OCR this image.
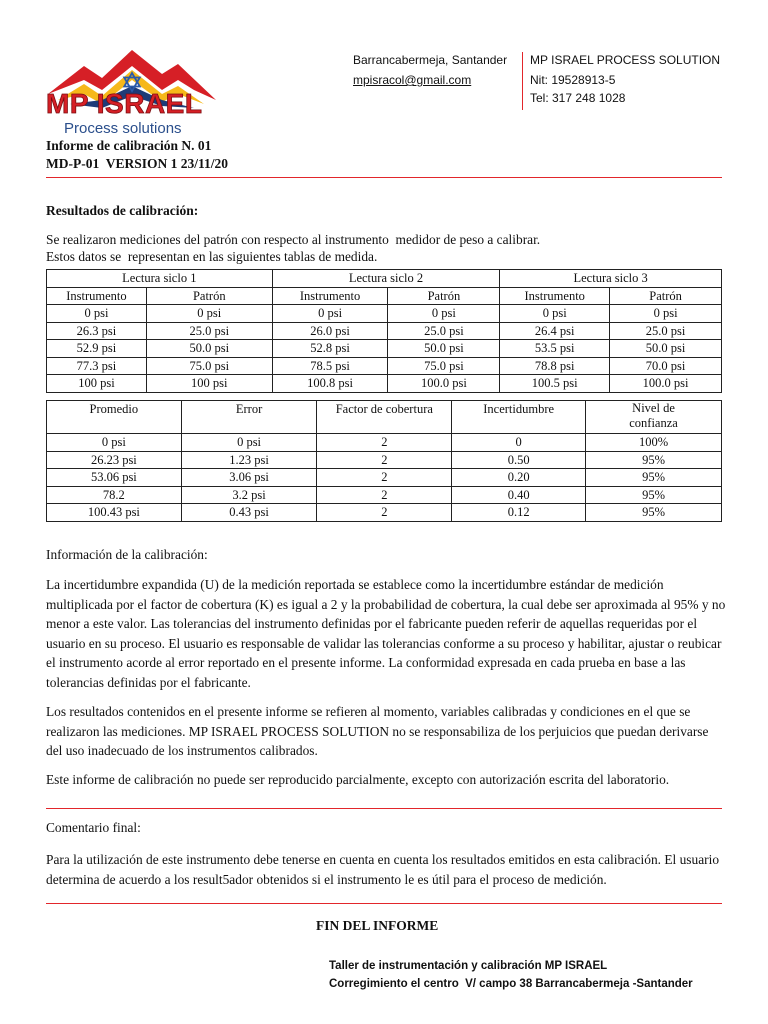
MP ISRAEL
Process solutions
Barrancabermeja, Santander
mpisracol@gmail.com
MP ISRAEL PROCESS SOLUTION
Nit: 19528913-5
Tel: 317 248 1028
Informe de calibración N. 01
MD-P-01  VERSION 1 23/11/20
Resultados de calibración:
Se realizaron mediciones del patrón con respecto al instrumento  medidor de peso a calibrar.
Estos datos se  representan en las siguientes tablas de medida.
Lectura siclo 1		Lectura siclo 2		Lectura siclo 3	
Instrumento	Patrón	Instrumento	Patrón	Instrumento	Patrón
0 psi	0 psi	0 psi	0 psi	0 psi	0 psi
26.3 psi	25.0 psi	26.0 psi	25.0 psi	26.4 psi	25.0 psi
52.9 psi	50.0 psi	52.8 psi	50.0 psi	53.5 psi	50.0 psi
77.3 psi	75.0 psi	78.5 psi	75.0 psi	78.8 psi	70.0 psi
100 psi	100 psi	100.8 psi	100.0 psi	100.5 psi	100.0 psi
Promedio	Error	Factor de cobertura	Incertidumbre	Nivel de confianza
0 psi	0 psi	2	0	100%
26.23 psi	1.23 psi	2	0.50	95%
53.06 psi	3.06 psi	2	0.20	95%
78.2	3.2 psi	2	0.40	95%
100.43 psi	0.43 psi	2	0.12	95%
Información de la calibración:
La incertidumbre expandida (U) de la medición reportada se establece como la incertidumbre estándar de medición multiplicada por el factor de cobertura (K) es igual a 2 y la probabilidad de cobertura, la cual debe ser aproximada al 95% y no menor a este valor. Las tolerancias del instrumento definidas por el fabricante pueden referir de aquellas requeridas por el usuario en su proceso. El usuario es responsable de validar las tolerancias conforme a su proceso y habilitar, ajustar o reubicar el instrumento acorde al error reportado en el presente informe. La conformidad expresada en cada prueba en base a las tolerancias definidas por el fabricante.
Los resultados contenidos en el presente informe se refieren al momento, variables calibradas y condiciones en el que se realizaron las mediciones. MP ISRAEL PROCESS SOLUTION no se responsabiliza de los perjuicios que puedan derivarse del uso inadecuado de los instrumentos calibrados.
Este informe de calibración no puede ser reproducido parcialmente, excepto con autorización escrita del laboratorio.
Comentario final:
Para la utilización de este instrumento debe tenerse en cuenta en cuenta los resultados emitidos en esta calibración. El usuario determina de acuerdo a los result5ador obtenidos si el instrumento le es útil para el proceso de medición.
FIN DEL INFORME
Taller de instrumentación y calibración MP ISRAEL
Corregimiento el centro  V/ campo 38 Barrancabermeja -Santander
